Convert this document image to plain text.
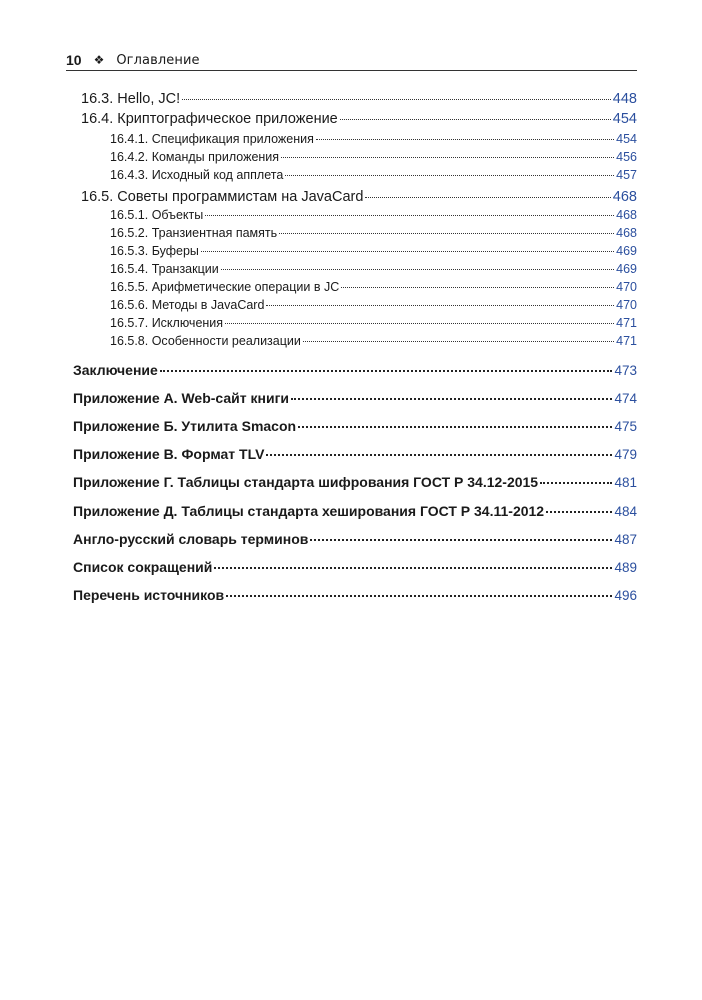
10 ❖ Оглавление
16.3. Hello, JC!	448
16.4. Криптографическое приложение	454
16.4.1. Спецификация приложения	454
16.4.2. Команды приложения	456
16.4.3. Исходный код апплета	457
16.5. Советы программистам на JavaCard	468
16.5.1. Объекты	468
16.5.2. Транзиентная память	468
16.5.3. Буферы	469
16.5.4. Транзакции	469
16.5.5. Арифметические операции в JC	470
16.5.6. Методы в JavaCard	470
16.5.7. Исключения	471
16.5.8. Особенности реализации	471
Заключение	473
Приложение А. Web-сайт книги	474
Приложение Б. Утилита Smacon	475
Приложение В. Формат TLV	479
Приложение Г. Таблицы стандарта шифрования ГОСТ Р 34.12-2015	481
Приложение Д. Таблицы стандарта хеширования ГОСТ Р 34.11-2012	484
Англо-русский словарь терминов	487
Список сокращений	489
Перечень источников	496
